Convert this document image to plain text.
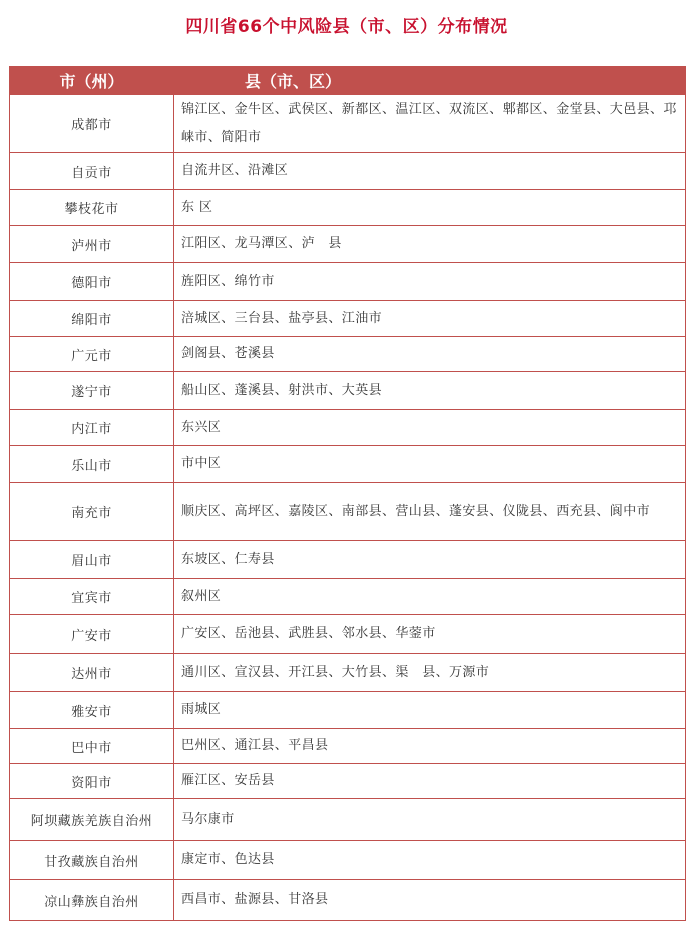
四川省66个中风险县（市、区）分布情况
市（州）	县（市、区）
成都市	锦江区、金牛区、武侯区、新都区、温江区、双流区、郫都区、金堂县、大邑县、邛崃市、简阳市
自贡市	自流井区、沿滩区
攀枝花市	东 区
泸州市	江阳区、龙马潭区、泸　县
德阳市	旌阳区、绵竹市
绵阳市	涪城区、三台县、盐亭县、江油市
广元市	剑阁县、苍溪县
遂宁市	船山区、蓬溪县、射洪市、大英县
内江市	东兴区
乐山市	市中区
南充市	顺庆区、高坪区、嘉陵区、南部县、营山县、蓬安县、仪陇县、西充县、阆中市
眉山市	东坡区、仁寿县
宜宾市	叙州区
广安市	广安区、岳池县、武胜县、邻水县、华蓥市
达州市	通川区、宣汉县、开江县、大竹县、渠　县、万源市
雅安市	雨城区
巴中市	巴州区、通江县、平昌县
资阳市	雁江区、安岳县
阿坝藏族羌族自治州	马尔康市
甘孜藏族自治州	康定市、色达县
凉山彝族自治州	西昌市、盐源县、甘洛县
